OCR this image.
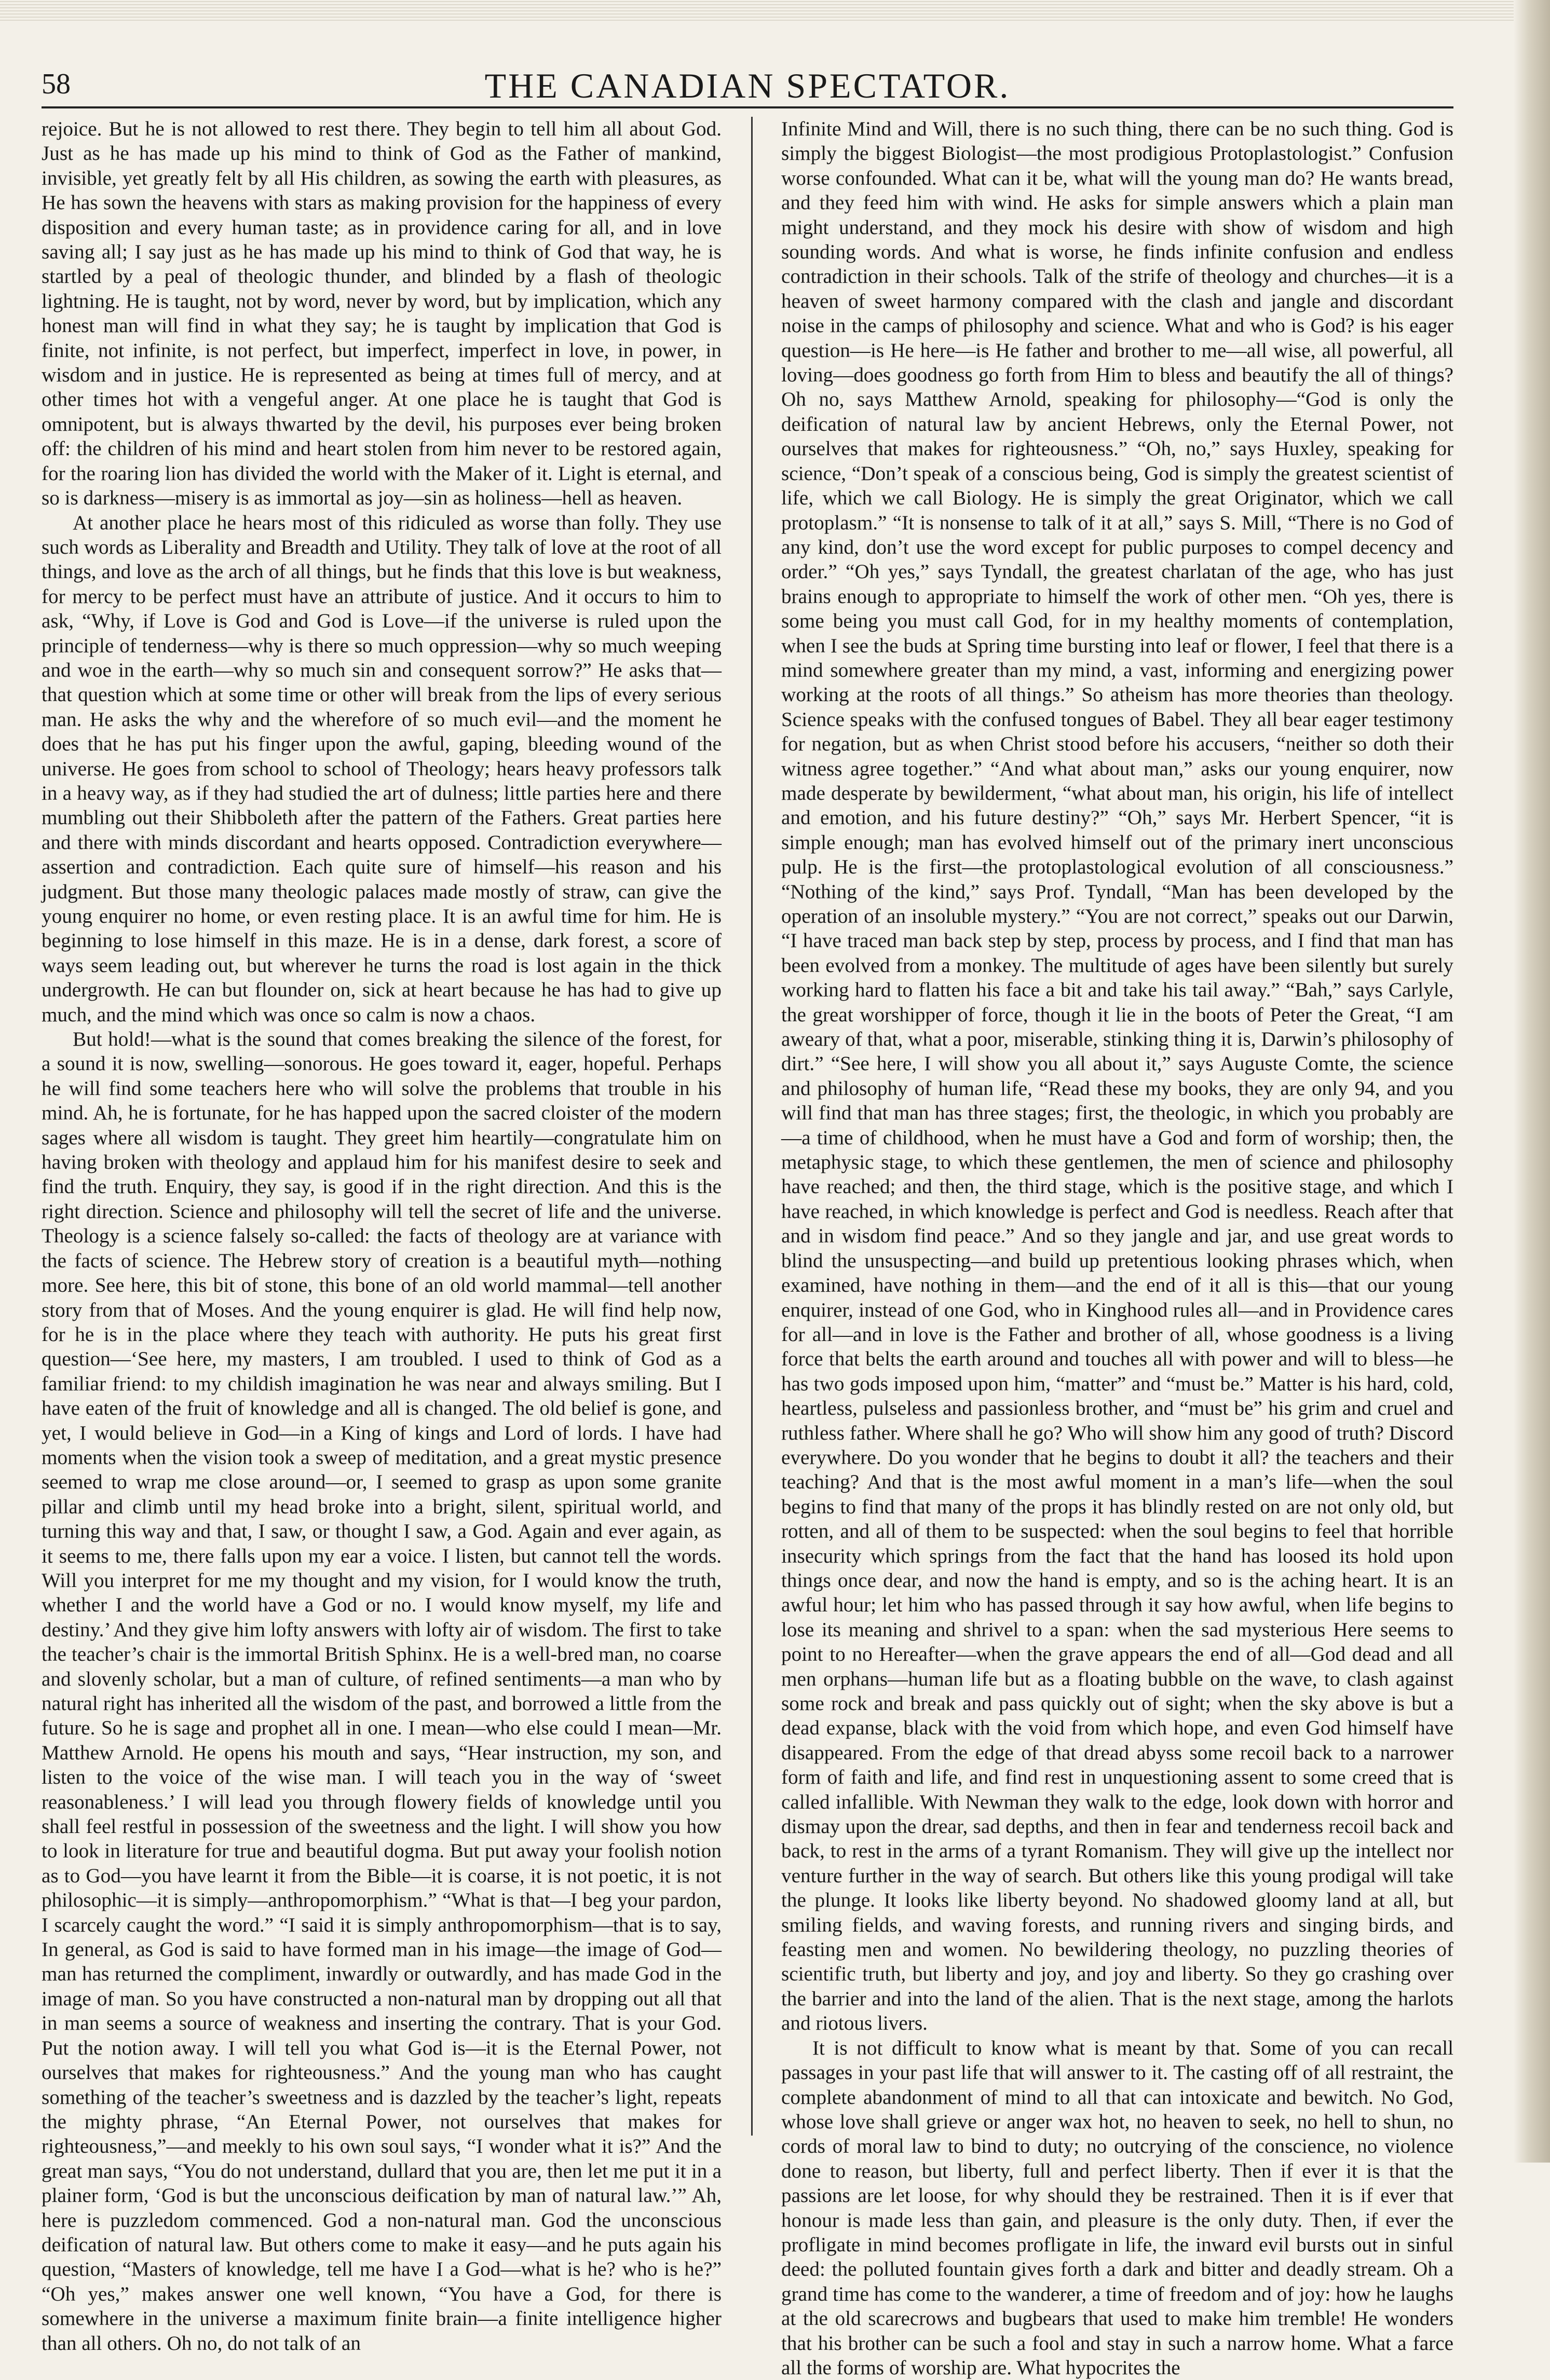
58	THE CANADIAN SPECTATOR.

rejoice. But he is not allowed to rest there. They begin to tell him all about God. Just as he has made up his mind to think of God as the Father of mankind, invisible, yet greatly felt by all His children, as sowing the earth with pleasures, as He has sown the heavens with stars as making provision for the happiness of every disposition and every human taste; as in providence caring for all, and in love saving all; I say just as he has made up his mind to think of God that way, he is startled by a peal of theologic thunder, and blinded by a flash of theologic lightning. He is taught, not by word, never by word, but by implication, which any honest man will find in what they say; he is taught by implication that God is finite, not infinite, is not perfect, but imperfect, imperfect in love, in power, in wisdom and in justice. He is represented as being at times full of mercy, and at other times hot with a vengeful anger. At one place he is taught that God is omnipotent, but is always thwarted by the devil, his purposes ever being broken off: the children of his mind and heart stolen from him never to be restored again, for the roaring lion has divided the world with the Maker of it. Light is eternal, and so is darkness—misery is as immortal as joy—sin as holiness—hell as heaven.

At another place he hears most of this ridiculed as worse than folly. They use such words as Liberality and Breadth and Utility. They talk of love at the root of all things, and love as the arch of all things, but he finds that this love is but weakness, for mercy to be perfect must have an attribute of justice. And it occurs to him to ask, “Why, if Love is God and God is Love—if the universe is ruled upon the principle of tenderness—why is there so much oppression—why so much weeping and woe in the earth—why so much sin and consequent sorrow?” He asks that—that question which at some time or other will break from the lips of every serious man. He asks the why and the wherefore of so much evil—and the moment he does that he has put his finger upon the awful, gaping, bleeding wound of the universe. He goes from school to school of Theology; hears heavy professors talk in a heavy way, as if they had studied the art of dulness; little parties here and there mumbling out their Shibboleth after the pattern of the Fathers. Great parties here and there with minds discordant and hearts opposed. Contradiction everywhere—assertion and contradiction. Each quite sure of himself—his reason and his judgment. But those many theologic palaces made mostly of straw, can give the young enquirer no home, or even resting place. It is an awful time for him. He is beginning to lose himself in this maze. He is in a dense, dark forest, a score of ways seem leading out, but wherever he turns the road is lost again in the thick undergrowth. He can but flounder on, sick at heart because he has had to give up much, and the mind which was once so calm is now a chaos.

But hold!—what is the sound that comes breaking the silence of the forest, for a sound it is now, swelling—sonorous. He goes toward it, eager, hopeful. Perhaps he will find some teachers here who will solve the problems that trouble in his mind. Ah, he is fortunate, for he has happed upon the sacred cloister of the modern sages where all wisdom is taught. They greet him heartily—congratulate him on having broken with theology and applaud him for his manifest desire to seek and find the truth. Enquiry, they say, is good if in the right direction. And this is the right direction. Science and philosophy will tell the secret of life and the universe. Theology is a science falsely so-called: the facts of theology are at variance with the facts of science. The Hebrew story of creation is a beautiful myth—nothing more. See here, this bit of stone, this bone of an old world mammal—tell another story from that of Moses. And the young enquirer is glad. He will find help now, for he is in the place where they teach with authority. He puts his great first question—‘See here, my masters, I am troubled. I used to think of God as a familiar friend: to my childish imagination he was near and always smiling. But I have eaten of the fruit of knowledge and all is changed. The old belief is gone, and yet, I would believe in God—in a King of kings and Lord of lords. I have had moments when the vision took a sweep of meditation, and a great mystic presence seemed to wrap me close around—or, I seemed to grasp as upon some granite pillar and climb until my head broke into a bright, silent, spiritual world, and turning this way and that, I saw, or thought I saw, a God. Again and ever again, as it seems to me, there falls upon my ear a voice. I listen, but cannot tell the words. Will you interpret for me my thought and my vision, for I would know the truth, whether I and the world have a God or no. I would know myself, my life and destiny.’ And they give him lofty answers with lofty air of wisdom. The first to take the teacher’s chair is the immortal British Sphinx. He is a well-bred man, no coarse and slovenly scholar, but a man of culture, of refined sentiments—a man who by natural right has inherited all the wisdom of the past, and borrowed a little from the future. So he is sage and prophet all in one. I mean—who else could I mean—Mr. Matthew Arnold. He opens his mouth and says, “Hear instruction, my son, and listen to the voice of the wise man. I will teach you in the way of ‘sweet reasonableness.’ I will lead you through flowery fields of knowledge until you shall feel restful in possession of the sweetness and the light. I will show you how to look in literature for true and beautiful dogma. But put away your foolish notion as to God—you have learnt it from the Bible—it is coarse, it is not poetic, it is not philosophic—it is simply—anthropomorphism.” “What is that—I beg your pardon, I scarcely caught the word.” “I said it is simply anthropomorphism—that is to say, In general, as God is said to have formed man in his image—the image of God—man has returned the compliment, inwardly or outwardly, and has made God in the image of man. So you have constructed a non-natural man by dropping out all that in man seems a source of weakness and inserting the contrary. That is your God. Put the notion away. I will tell you what God is—it is the Eternal Power, not ourselves that makes for righteousness.” And the young man who has caught something of the teacher’s sweetness and is dazzled by the teacher’s light, repeats the mighty phrase, “An Eternal Power, not ourselves that makes for righteousness,”—and meekly to his own soul says, “I wonder what it is?” And the great man says, “You do not understand, dullard that you are, then let me put it in a plainer form, ‘God is but the unconscious deification by man of natural law.’” Ah, here is puzzledom commenced. God a non-natural man. God the unconscious deification of natural law. But others come to make it easy—and he puts again his question, “Masters of knowledge, tell me have I a God—what is he? who is he?” “Oh yes,” makes answer one well known, “You have a God, for there is somewhere in the universe a maximum finite brain—a finite intelligence higher than all others. Oh no, do not talk of an

Infinite Mind and Will, there is no such thing, there can be no such thing. God is simply the biggest Biologist—the most prodigious Protoplastologist.” Confusion worse confounded. What can it be, what will the young man do? He wants bread, and they feed him with wind. He asks for simple answers which a plain man might understand, and they mock his desire with show of wisdom and high sounding words. And what is worse, he finds infinite confusion and endless contradiction in their schools. Talk of the strife of theology and churches—it is a heaven of sweet harmony compared with the clash and jangle and discordant noise in the camps of philosophy and science. What and who is God? is his eager question—is He here—is He father and brother to me—all wise, all powerful, all loving—does goodness go forth from Him to bless and beautify the all of things? Oh no, says Matthew Arnold, speaking for philosophy—“God is only the deification of natural law by ancient Hebrews, only the Eternal Power, not ourselves that makes for righteousness.” “Oh, no,” says Huxley, speaking for science, “Don’t speak of a conscious being, God is simply the greatest scientist of life, which we call Biology. He is simply the great Originator, which we call protoplasm.” “It is nonsense to talk of it at all,” says S. Mill, “There is no God of any kind, don’t use the word except for public purposes to compel decency and order.” “Oh yes,” says Tyndall, the greatest charlatan of the age, who has just brains enough to appropriate to himself the work of other men. “Oh yes, there is some being you must call God, for in my healthy moments of contemplation, when I see the buds at Spring time bursting into leaf or flower, I feel that there is a mind somewhere greater than my mind, a vast, informing and energizing power working at the roots of all things.” So atheism has more theories than theology. Science speaks with the confused tongues of Babel. They all bear eager testimony for negation, but as when Christ stood before his accusers, “neither so doth their witness agree together.” “And what about man,” asks our young enquirer, now made desperate by bewilderment, “what about man, his origin, his life of intellect and emotion, and his future destiny?” “Oh,” says Mr. Herbert Spencer, “it is simple enough; man has evolved himself out of the primary inert unconscious pulp. He is the first—the protoplastological evolution of all consciousness.” “Nothing of the kind,” says Prof. Tyndall, “Man has been developed by the operation of an insoluble mystery.” “You are not correct,” speaks out our Darwin, “I have traced man back step by step, process by process, and I find that man has been evolved from a monkey. The multitude of ages have been silently but surely working hard to flatten his face a bit and take his tail away.” “Bah,” says Carlyle, the great worshipper of force, though it lie in the boots of Peter the Great, “I am aweary of that, what a poor, miserable, stinking thing it is, Darwin’s philosophy of dirt.” “See here, I will show you all about it,” says Auguste Comte, the science and philosophy of human life, “Read these my books, they are only 94, and you will find that man has three stages; first, the theologic, in which you probably are—a time of childhood, when he must have a God and form of worship; then, the metaphysic stage, to which these gentlemen, the men of science and philosophy have reached; and then, the third stage, which is the positive stage, and which I have reached, in which knowledge is perfect and God is needless. Reach after that and in wisdom find peace.” And so they jangle and jar, and use great words to blind the unsuspecting—and build up pretentious looking phrases which, when examined, have nothing in them—and the end of it all is this—that our young enquirer, instead of one God, who in Kinghood rules all—and in Providence cares for all—and in love is the Father and brother of all, whose goodness is a living force that belts the earth around and touches all with power and will to bless—he has two gods imposed upon him, “matter” and “must be.” Matter is his hard, cold, heartless, pulseless and passionless brother, and “must be” his grim and cruel and ruthless father. Where shall he go? Who will show him any good of truth? Discord everywhere. Do you wonder that he begins to doubt it all? the teachers and their teaching? And that is the most awful moment in a man’s life—when the soul begins to find that many of the props it has blindly rested on are not only old, but rotten, and all of them to be suspected: when the soul begins to feel that horrible insecurity which springs from the fact that the hand has loosed its hold upon things once dear, and now the hand is empty, and so is the aching heart. It is an awful hour; let him who has passed through it say how awful, when life begins to lose its meaning and shrivel to a span: when the sad mysterious Here seems to point to no Hereafter—when the grave appears the end of all—God dead and all men orphans—human life but as a floating bubble on the wave, to clash against some rock and break and pass quickly out of sight; when the sky above is but a dead expanse, black with the void from which hope, and even God himself have disappeared. From the edge of that dread abyss some recoil back to a narrower form of faith and life, and find rest in unquestioning assent to some creed that is called infallible. With Newman they walk to the edge, look down with horror and dismay upon the drear, sad depths, and then in fear and tenderness recoil back and back, to rest in the arms of a tyrant Romanism. They will give up the intellect nor venture further in the way of search. But others like this young prodigal will take the plunge. It looks like liberty beyond. No shadowed gloomy land at all, but smiling fields, and waving forests, and running rivers and singing birds, and feasting men and women. No bewildering theology, no puzzling theories of scientific truth, but liberty and joy, and joy and liberty. So they go crashing over the barrier and into the land of the alien. That is the next stage, among the harlots and riotous livers.

It is not difficult to know what is meant by that. Some of you can recall passages in your past life that will answer to it. The casting off of all restraint, the complete abandonment of mind to all that can intoxicate and bewitch. No God, whose love shall grieve or anger wax hot, no heaven to seek, no hell to shun, no cords of moral law to bind to duty; no outcrying of the conscience, no violence done to reason, but liberty, full and perfect liberty. Then if ever it is that the passions are let loose, for why should they be restrained. Then it is if ever that honour is made less than gain, and pleasure is the only duty. Then, if ever the profligate in mind becomes profligate in life, the inward evil bursts out in sinful deed: the polluted fountain gives forth a dark and bitter and deadly stream. Oh a grand time has come to the wanderer, a time of freedom and of joy: how he laughs at the old scarecrows and bugbears that used to make him tremble! He wonders that his brother can be such a fool and stay in such a narrow home. What a farce all the forms of worship are. What hypocrites the
